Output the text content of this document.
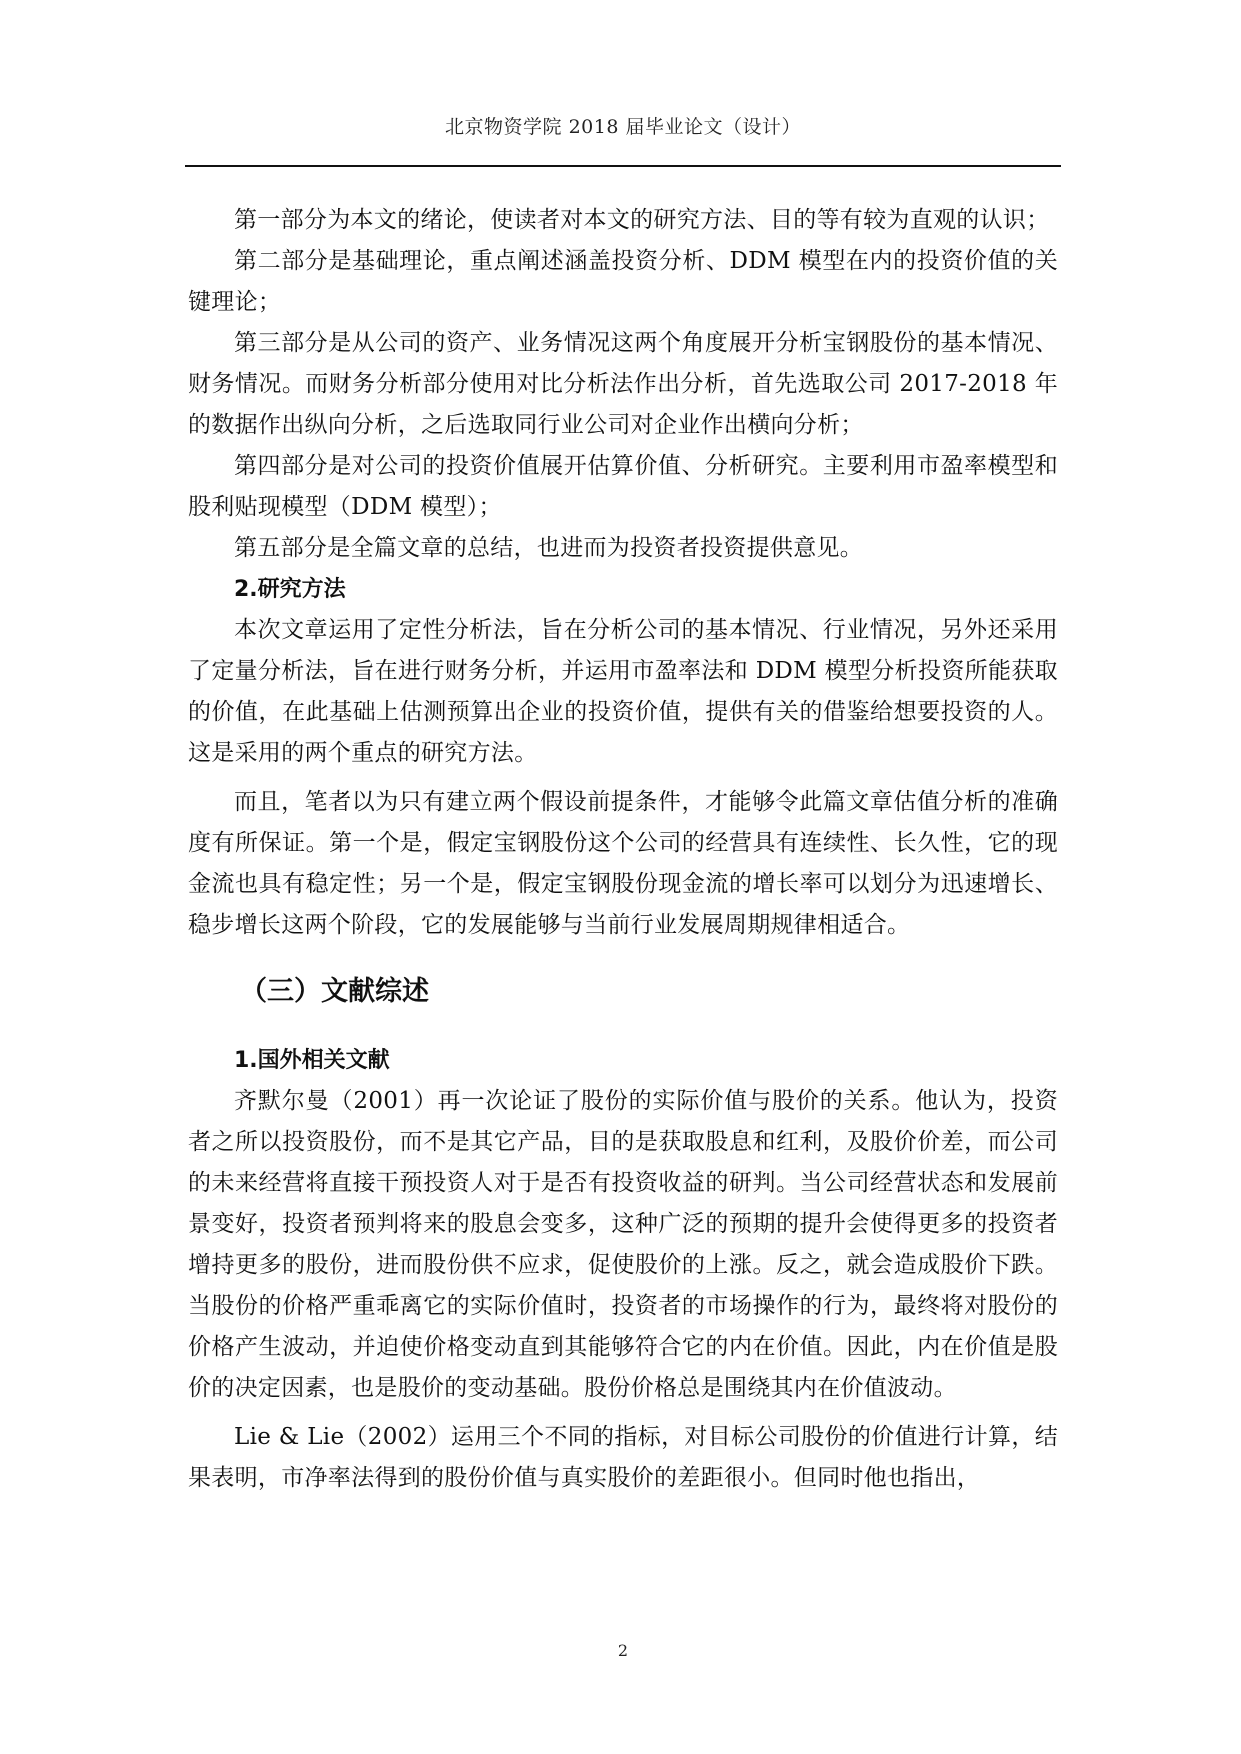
北京物资学院 2018 届毕业论文（设计）

第一部分为本文的绪论，使读者对本文的研究方法、目的等有较为直观的认识；

第二部分是基础理论，重点阐述涵盖投资分析、DDM 模型在内的投资价值的关键理论；

第三部分是从公司的资产、业务情况这两个角度展开分析宝钢股份的基本情况、财务情况。而财务分析部分使用对比分析法作出分析，首先选取公司 2017-2018 年的数据作出纵向分析，之后选取同行业公司对企业作出横向分析；

第四部分是对公司的投资价值展开估算价值、分析研究。主要利用市盈率模型和股利贴现模型（DDM 模型）；

第五部分是全篇文章的总结，也进而为投资者投资提供意见。

2.研究方法

本次文章运用了定性分析法，旨在分析公司的基本情况、行业情况，另外还采用了定量分析法，旨在进行财务分析，并运用市盈率法和 DDM 模型分析投资所能获取的价值，在此基础上估测预算出企业的投资价值，提供有关的借鉴给想要投资的人。这是采用的两个重点的研究方法。

而且，笔者以为只有建立两个假设前提条件，才能够令此篇文章估值分析的准确度有所保证。第一个是，假定宝钢股份这个公司的经营具有连续性、长久性，它的现金流也具有稳定性；另一个是，假定宝钢股份现金流的增长率可以划分为迅速增长、稳步增长这两个阶段，它的发展能够与当前行业发展周期规律相适合。

（三）文献综述

1.国外相关文献

齐默尔曼（2001）再一次论证了股份的实际价值与股价的关系。他认为，投资者之所以投资股份，而不是其它产品，目的是获取股息和红利，及股价价差，而公司的未来经营将直接干预投资人对于是否有投资收益的研判。当公司经营状态和发展前景变好，投资者预判将来的股息会变多，这种广泛的预期的提升会使得更多的投资者增持更多的股份，进而股份供不应求，促使股价的上涨。反之，就会造成股价下跌。当股份的价格严重乖离它的实际价值时，投资者的市场操作的行为，最终将对股份的价格产生波动，并迫使价格变动直到其能够符合它的内在价值。因此，内在价值是股价的决定因素，也是股价的变动基础。股份价格总是围绕其内在价值波动。

Lie & Lie（2002）运用三个不同的指标，对目标公司股份的价值进行计算，结果表明，市净率法得到的股份价值与真实股价的差距很小。但同时他也指出，

2
